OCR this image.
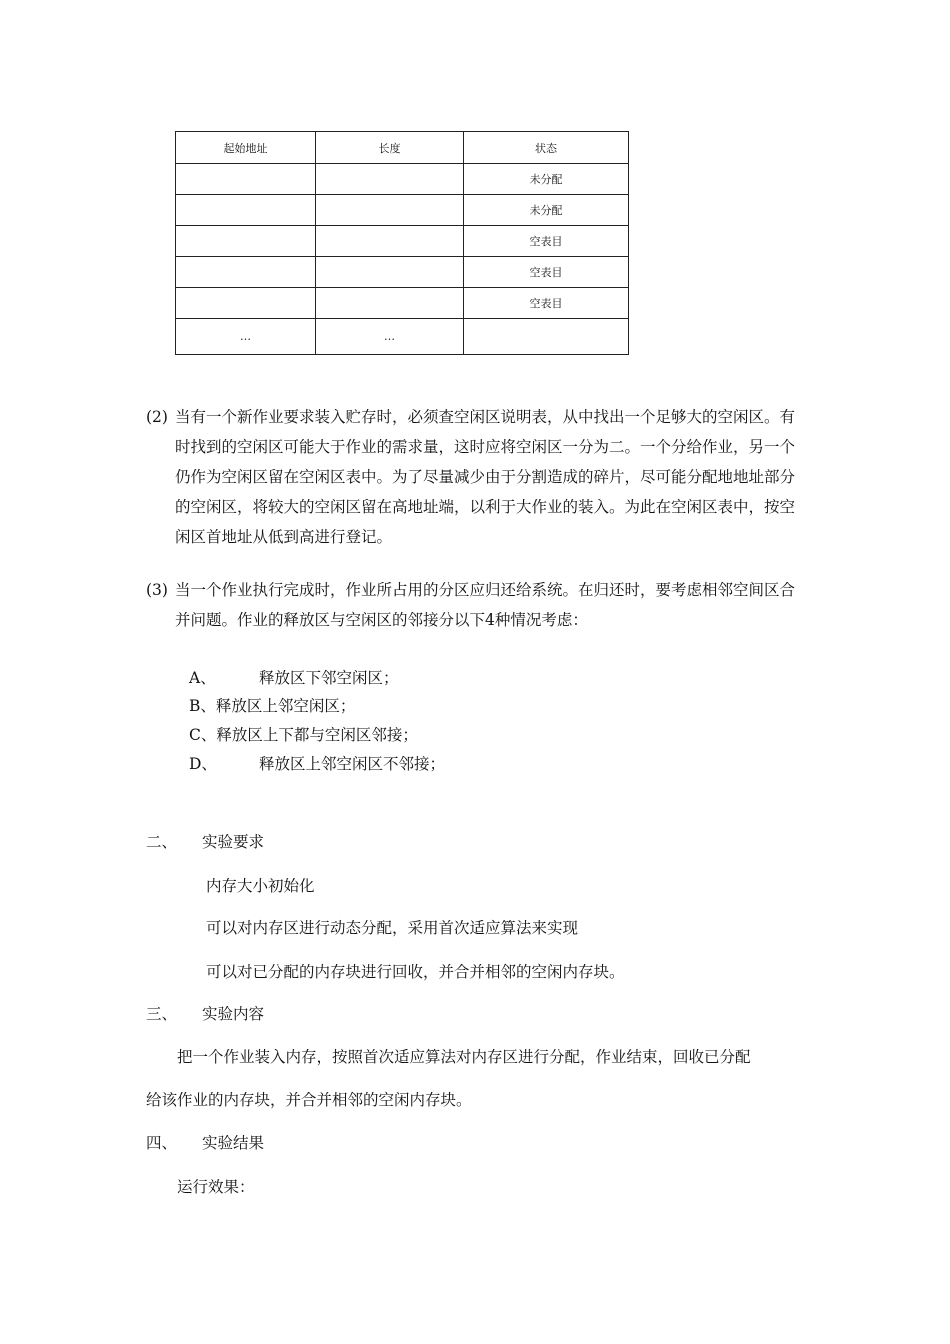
起始地址	长度	状态
		未分配
		未分配
		空表目
		空表目
		空表目
…	…	
(2) 当有一个新作业要求装入贮存时，必须查空闲区说明表，从中找出一个足够大的空闲区。有时找到的空闲区可能大于作业的需求量，这时应将空闲区一分为二。一个分给作业，另一个仍作为空闲区留在空闲区表中。为了尽量减少由于分割造成的碎片，尽可能分配地地址部分的空闲区，将较大的空闲区留在高地址端，以利于大作业的装入。为此在空闲区表中，按空闲区首地址从低到高进行登记。
(3) 当一个作业执行完成时，作业所占用的分区应归还给系统。在归还时，要考虑相邻空间区合并问题。作业的释放区与空闲区的邻接分以下4种情况考虑：
A、	释放区下邻空闲区；
B、释放区上邻空闲区；
C、释放区上下都与空闲区邻接；
D、	释放区上邻空闲区不邻接；
二、 实验要求
内存大小初始化
可以对内存区进行动态分配，采用首次适应算法来实现
可以对已分配的内存块进行回收，并合并相邻的空闲内存块。
三、 实验内容
把一个作业装入内存，按照首次适应算法对内存区进行分配，作业结束，回收已分配
给该作业的内存块，并合并相邻的空闲内存块。
四、 实验结果
运行效果：
